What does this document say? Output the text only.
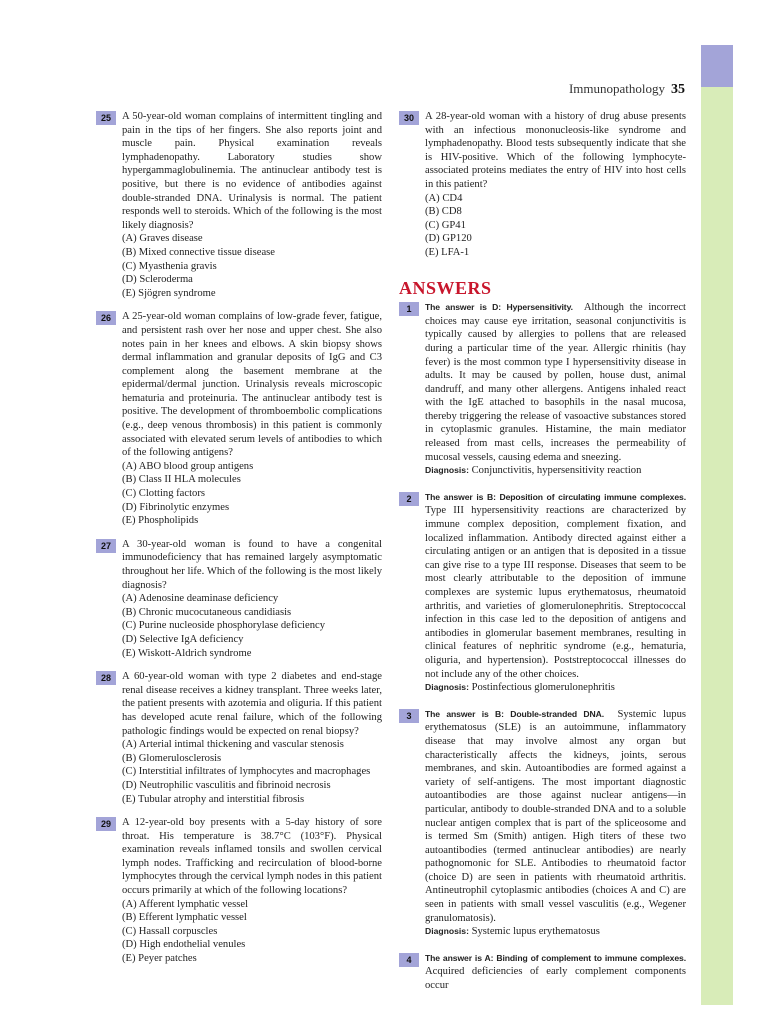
Immunopathology 35
25	A 50-year-old woman complains of intermittent tingling and pain in the tips of her fingers. She also reports joint and muscle pain. Physical examination reveals lymphadenopathy. Laboratory studies show hypergammaglobulinemia. The antinuclear antibody test is positive, but there is no evidence of antibodies against double-stranded DNA. Urinalysis is normal. The patient responds well to steroids. Which of the following is the most likely diagnosis?

(A) Graves disease
(B) Mixed connective tissue disease
(C) Myasthenia gravis
(D) Scleroderma
(E) Sjögren syndrome
26	A 25-year-old woman complains of low-grade fever, fatigue, and persistent rash over her nose and upper chest. She also notes pain in her knees and elbows. A skin biopsy shows dermal inflammation and granular deposits of IgG and C3 complement along the basement membrane at the epidermal/dermal junction. Urinalysis reveals microscopic hematuria and proteinuria. The antinuclear antibody test is positive. The development of thromboembolic complications (e.g., deep venous thrombosis) in this patient is commonly associated with elevated serum levels of antibodies to which of the following antigens?

(A) ABO blood group antigens
(B) Class II HLA molecules
(C) Clotting factors
(D) Fibrinolytic enzymes
(E) Phospholipids
27	A 30-year-old woman is found to have a congenital immunodeficiency that has remained largely asymptomatic throughout her life. Which of the following is the most likely diagnosis?

(A) Adenosine deaminase deficiency
(B) Chronic mucocutaneous candidiasis
(C) Purine nucleoside phosphorylase deficiency
(D) Selective IgA deficiency
(E) Wiskott-Aldrich syndrome
28	A 60-year-old woman with type 2 diabetes and end-stage renal disease receives a kidney transplant. Three weeks later, the patient presents with azotemia and oliguria. If this patient has developed acute renal failure, which of the following pathologic findings would be expected on renal biopsy?

(A) Arterial intimal thickening and vascular stenosis
(B) Glomerulosclerosis
(C) Interstitial infiltrates of lymphocytes and macrophages
(D) Neutrophilic vasculitis and fibrinoid necrosis
(E) Tubular atrophy and interstitial fibrosis
29	A 12-year-old boy presents with a 5-day history of sore throat. His temperature is 38.7°C (103°F). Physical examination reveals inflamed tonsils and swollen cervical lymph nodes. Trafficking and recirculation of blood-borne lymphocytes through the cervical lymph nodes in this patient occurs primarily at which of the following locations?

(A) Afferent lymphatic vessel
(B) Efferent lymphatic vessel
(C) Hassall corpuscles
(D) High endothelial venules
(E) Peyer patches
30	A 28-year-old woman with a history of drug abuse presents with an infectious mononucleosis-like syndrome and lymphadenopathy. Blood tests subsequently indicate that she is HIV-positive. Which of the following lymphocyte-associated proteins mediates the entry of HIV into host cells in this patient?

(A) CD4
(B) CD8
(C) GP41
(D) GP120
(E) LFA-1
ANSWERS
1	The answer is D: Hypersensitivity. Although the incorrect choices may cause eye irritation, seasonal conjunctivitis is typically caused by allergies to pollens that are released during a particular time of the year. Allergic rhinitis (hay fever) is the most common type I hypersensitivity disease in adults. It may be caused by pollen, house dust, animal dandruff, and many other allergens. Antigens inhaled react with the IgE attached to basophils in the nasal mucosa, thereby triggering the release of vasoactive substances stored in cytoplasmic granules. Histamine, the main mediator released from mast cells, increases the permeability of mucosal vessels, causing edema and sneezing.
Diagnosis: Conjunctivitis, hypersensitivity reaction

2	The answer is B: Deposition of circulating immune complexes. Type III hypersensitivity reactions are characterized by immune complex deposition, complement fixation, and localized inflammation. Antibody directed against either a circulating antigen or an antigen that is deposited in a tissue can give rise to a type III response. Diseases that seem to be most clearly attributable to the deposition of immune complexes are systemic lupus erythematosus, rheumatoid arthritis, and varieties of glomerulonephritis. Streptococcal infection in this case led to the deposition of antigens and antibodies in glomerular basement membranes, resulting in clinical features of nephritic syndrome (e.g., hematuria, oliguria, and hypertension). Poststreptococcal illnesses do not include any of the other choices.
Diagnosis: Postinfectious glomerulonephritis

3	The answer is B: Double-stranded DNA. Systemic lupus erythematosus (SLE) is an autoimmune, inflammatory disease that may involve almost any organ but characteristically affects the kidneys, joints, serous membranes, and skin. Autoantibodies are formed against a variety of self-antigens. The most important diagnostic autoantibodies are those against nuclear antigens—in particular, antibody to double-stranded DNA and to a soluble nuclear antigen complex that is part of the spliceosome and is termed Sm (Smith) antigen. High titers of these two autoantibodies (termed antinuclear antibodies) are nearly pathognomonic for SLE. Antibodies to rheumatoid factor (choice D) are seen in patients with rheumatoid arthritis. Antineutrophil cytoplasmic antibodies (choices A and C) are seen in patients with small vessel vasculitis (e.g., Wegener granulomatosis).
Diagnosis: Systemic lupus erythematosus

4	The answer is A: Binding of complement to immune complexes. Acquired deficiencies of early complement components occur
